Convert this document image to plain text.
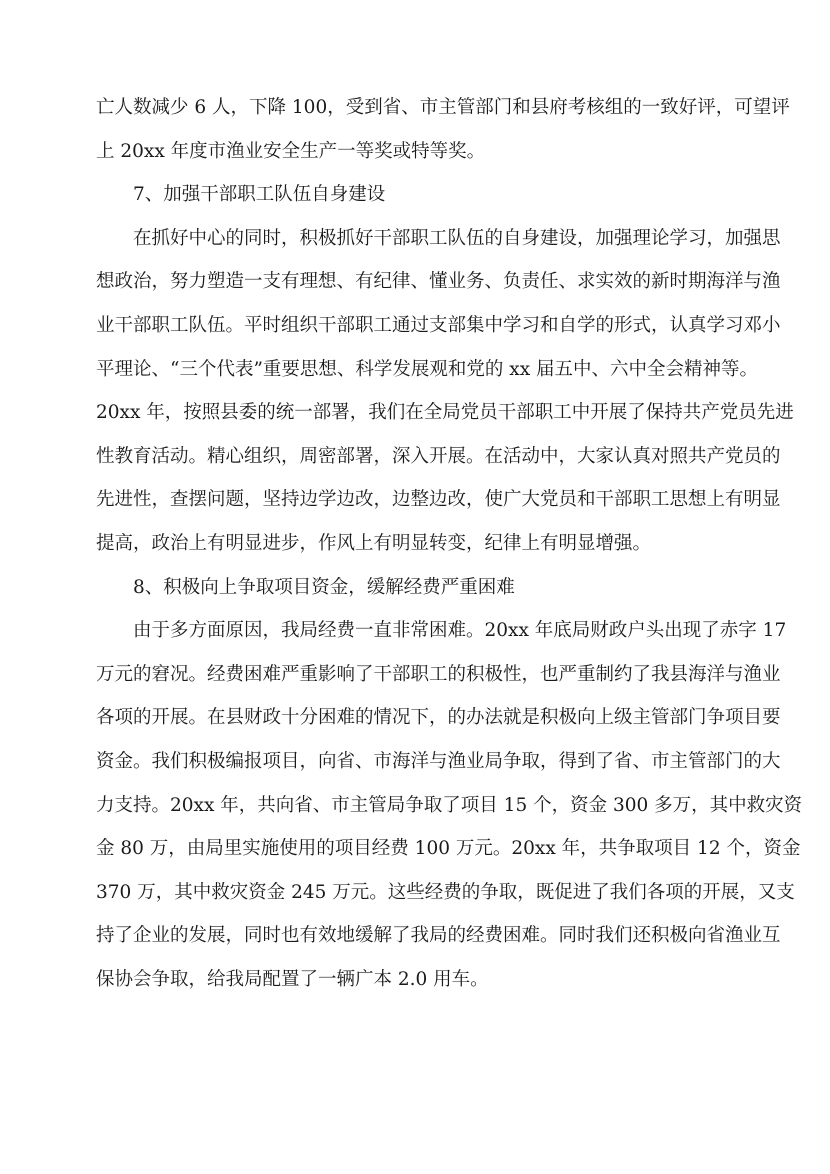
亡人数减少 6 人，下降 100，受到省、市主管部门和县府考核组的一致好评，可望评
上 20xx 年度市渔业安全生产一等奖或特等奖。
7、加强干部职工队伍自身建设
在抓好中心的同时，积极抓好干部职工队伍的自身建设，加强理论学习，加强思
想政治，努力塑造一支有理想、有纪律、懂业务、负责任、求实效的新时期海洋与渔
业干部职工队伍。平时组织干部职工通过支部集中学习和自学的形式，认真学习邓小
平理论、“三个代表”重要思想、科学发展观和党的 xx 届五中、六中全会精神等。
20xx 年，按照县委的统一部署，我们在全局党员干部职工中开展了保持共产党员先进
性教育活动。精心组织，周密部署，深入开展。在活动中，大家认真对照共产党员的
先进性，查摆问题，坚持边学边改，边整边改，使广大党员和干部职工思想上有明显
提高，政治上有明显进步，作风上有明显转变，纪律上有明显增强。
8、积极向上争取项目资金，缓解经费严重困难
由于多方面原因，我局经费一直非常困难。20xx 年底局财政户头出现了赤字 17
万元的窘况。经费困难严重影响了干部职工的积极性，也严重制约了我县海洋与渔业
各项的开展。在县财政十分困难的情况下，的办法就是积极向上级主管部门争项目要
资金。我们积极编报项目，向省、市海洋与渔业局争取，得到了省、市主管部门的大
力支持。20xx 年，共向省、市主管局争取了项目 15 个，资金 300 多万，其中救灾资
金 80 万，由局里实施使用的项目经费 100 万元。20xx 年，共争取项目 12 个，资金
370 万，其中救灾资金 245 万元。这些经费的争取，既促进了我们各项的开展，又支
持了企业的发展，同时也有效地缓解了我局的经费困难。同时我们还积极向省渔业互
保协会争取，给我局配置了一辆广本 2.0 用车。
